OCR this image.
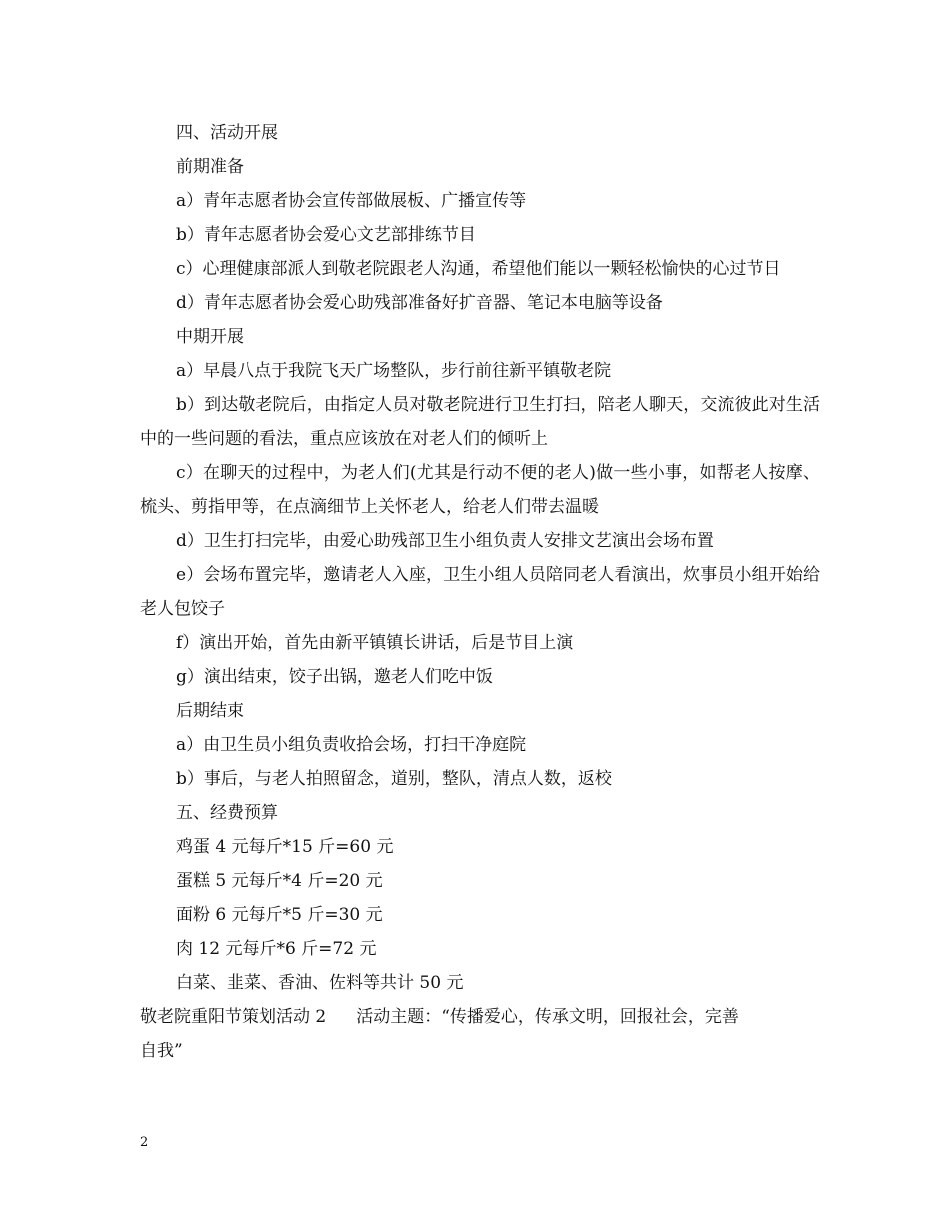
四、活动开展
前期准备
a）青年志愿者协会宣传部做展板、广播宣传等
b）青年志愿者协会爱心文艺部排练节目
c）心理健康部派人到敬老院跟老人沟通，希望他们能以一颗轻松愉快的心过节日
d）青年志愿者协会爱心助残部准备好扩音器、笔记本电脑等设备
中期开展
a）早晨八点于我院飞天广场整队，步行前往新平镇敬老院
b）到达敬老院后，由指定人员对敬老院进行卫生打扫，陪老人聊天，交流彼此对生活中的一些问题的看法，重点应该放在对老人们的倾听上
c）在聊天的过程中，为老人们(尤其是行动不便的老人)做一些小事，如帮老人按摩、梳头、剪指甲等，在点滴细节上关怀老人，给老人们带去温暖
d）卫生打扫完毕，由爱心助残部卫生小组负责人安排文艺演出会场布置
e）会场布置完毕，邀请老人入座，卫生小组人员陪同老人看演出，炊事员小组开始给老人包饺子
f）演出开始，首先由新平镇镇长讲话，后是节目上演
g）演出结束，饺子出锅，邀老人们吃中饭
后期结束
a）由卫生员小组负责收拾会场，打扫干净庭院
b）事后，与老人拍照留念，道别，整队，清点人数，返校
五、经费预算
鸡蛋 4 元每斤*15 斤=60 元
蛋糕 5 元每斤*4 斤=20 元
面粉 6 元每斤*5 斤=30 元
肉 12 元每斤*6 斤=72 元
白菜、韭菜、香油、佐料等共计 50 元
敬老院重阳节策划活动 2 活动主题：“传播爱心，传承文明，回报社会，完善
自我”
2
